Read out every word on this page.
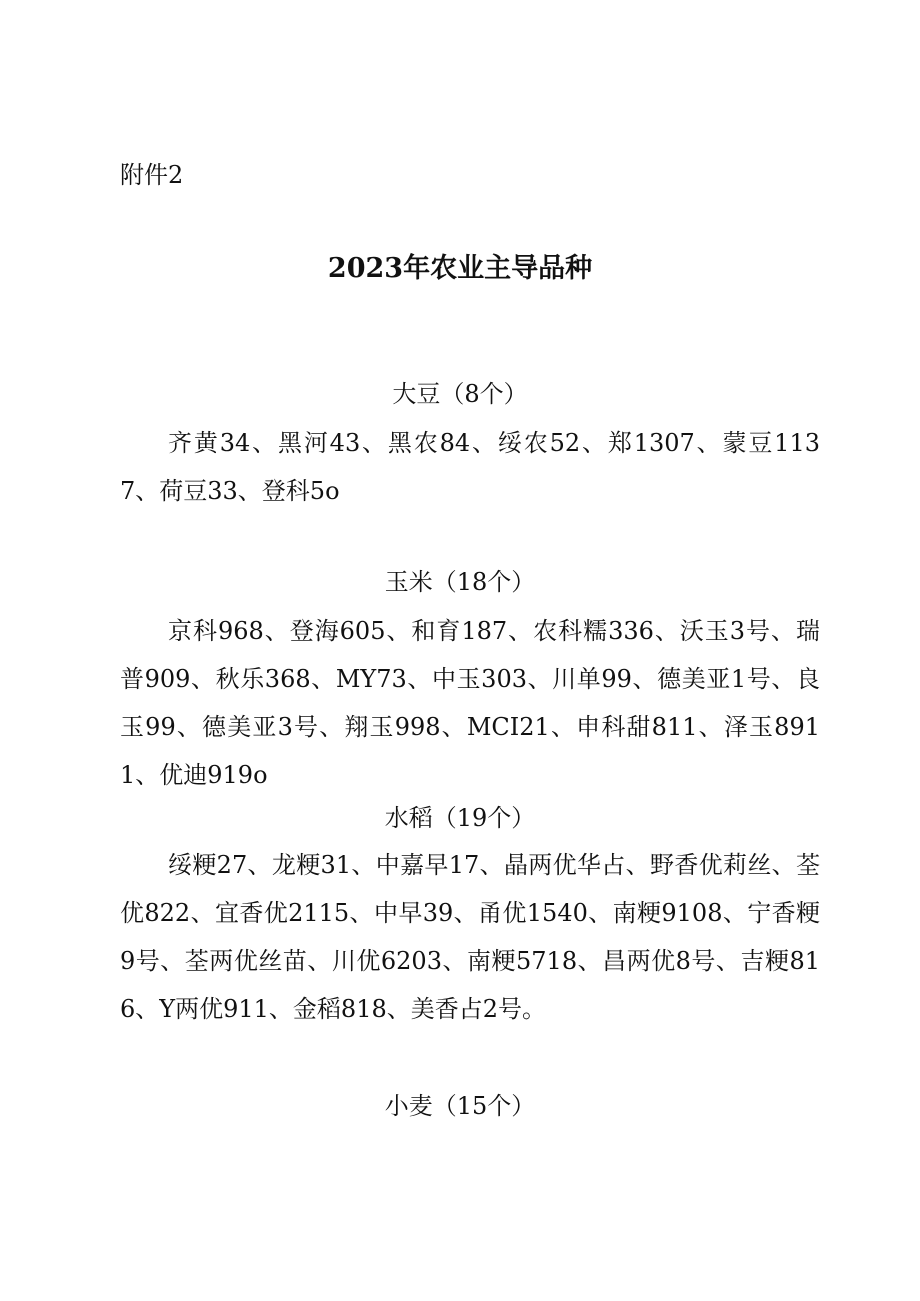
附件2
2023年农业主导品种
大豆（8个）
齐黄34、黑河43、黑农84、绥农52、郑1307、蒙豆1137、荷豆33、登科5o
玉米（18个）
京科968、登海605、和育187、农科糯336、沃玉3号、瑞普909、秋乐368、MY73、中玉303、川单99、德美亚1号、良玉99、德美亚3号、翔玉998、MCI21、申科甜811、泽玉8911、优迪919o
水稻（19个）
绥粳27、龙粳31、中嘉早17、晶两优华占、野香优莉丝、荃优822、宜香优2115、中早39、甬优1540、南粳9108、宁香粳9号、荃两优丝苗、川优6203、南粳5718、昌两优8号、吉粳816、Y两优911、金稻818、美香占2号。
小麦（15个）
